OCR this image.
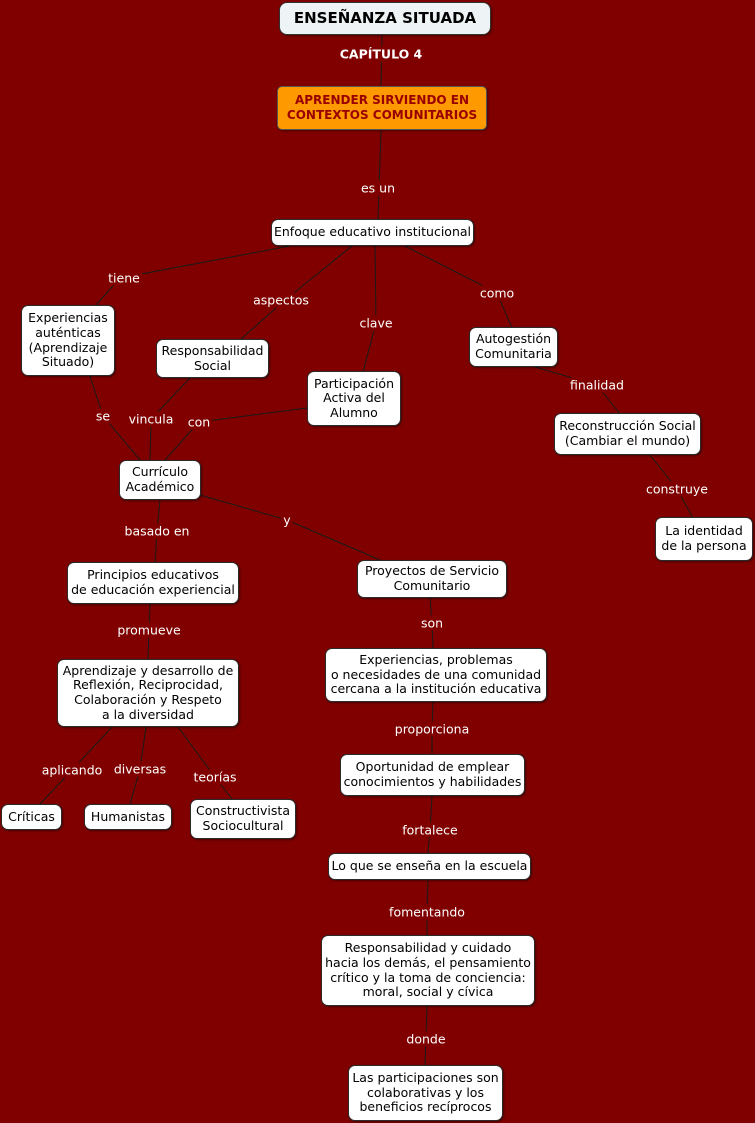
ENSEÑANZA SITUADA
APRENDER SIRVIENDO EN
CONTEXTOS COMUNITARIOS
Enfoque educativo institucional
Experiencias
auténticas
(Aprendizaje
Situado)
Responsabilidad
Social
Participación
Activa del
Alumno
Autogestión
Comunitaria
Reconstrucción Social
(Cambiar el mundo)
La identidad
de la persona
Currículo
Académico
Principios educativos
de educación experiencial
Proyectos de Servicio
Comunitario
Aprendizaje y desarrollo de
Reflexión, Reciprocidad,
Colaboración y Respeto
a la diversidad
Experiencias, problemas
o necesidades de una comunidad
cercana a la institución educativa
Oportunidad de emplear
conocimientos y habilidades
Críticas	Humanistas	Constructivista
Sociocultural
Lo que se enseña en la escuela
Responsabilidad y cuidado
hacia los demás, el pensamiento
crítico y la toma de conciencia:
moral, social y cívica
Las participaciones son
colaborativas y los
beneficios recíprocos
CAPÍTULO 4
es un
tiene
aspectos
clave
como
finalidad
construye
se vincula con
basado en
y
promueve	son
proporciona
aplicando diversas
teorías
fortalece
fomentando
donde
